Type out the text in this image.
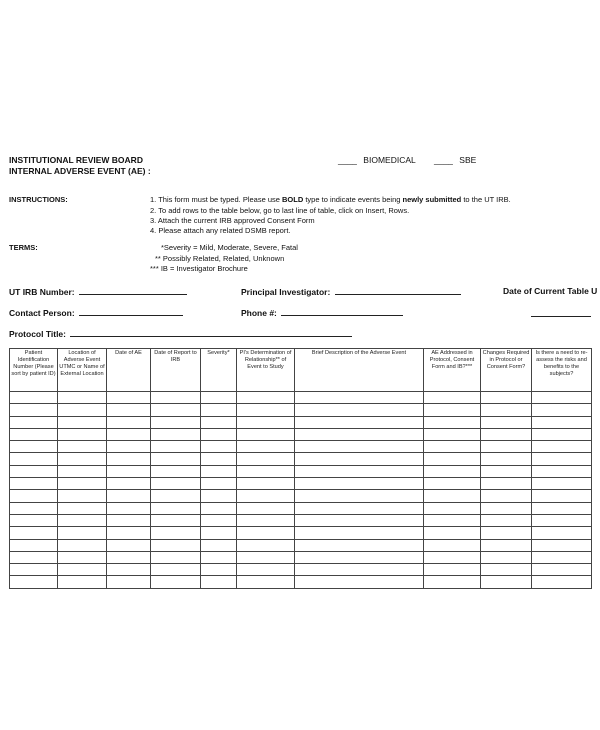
INSTITUTIONAL REVIEW BOARD
INTERNAL ADVERSE EVENT (AE) :
____ BIOMEDICAL ____ SBE
INSTRUCTIONS:	1. This form must be typed. Please use BOLD type to indicate events being newly submitted to the UT IRB.
2. To add rows to the table below, go to last line of table, click on Insert, Rows.
3. Attach the current IRB approved Consent Form
4. Please attach any related DSMB report.
TERMS:	*Severity = Mild, Moderate, Severe, Fatal
** Possibly Related, Related, Unknown
*** IB = Investigator Brochure
UT IRB Number:	Principal Investigator:	Date of Current Table U
Contact Person:	Phone #:
Protocol Title:
Patient Identification Number (Please sort by patient ID)	Location of Adverse Event UTMC or Name of External Location	Date of AE	Date of Report to IRB	Severity*	PI's Determination of Relationship** of Event to Study	Brief Description of the Adverse Event	AE Addressed in Protocol, Consent Form and IB?***	Changes Required in Protocol or Consent Form?	Is there a need to re-assess the risks and benefits to the subjects?
